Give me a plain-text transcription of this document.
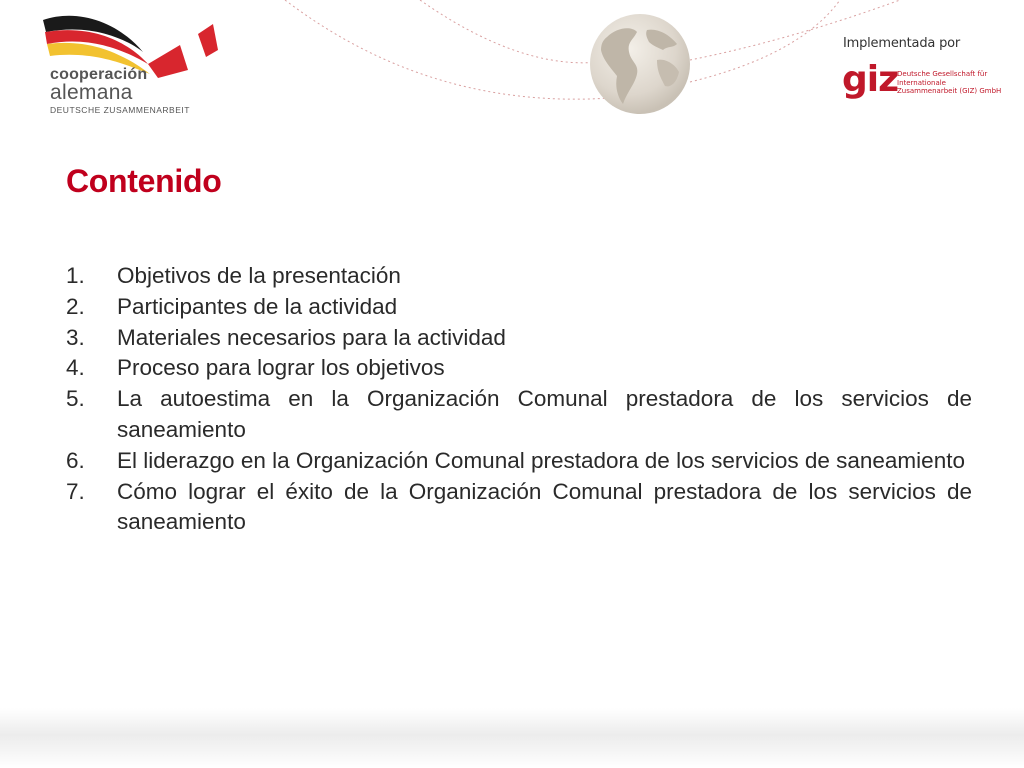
cooperación

alemana

DEUTSCHE ZUSAMMENARBEIT

Implementada por

giz

Deutsche Gesellschaft für Internationale Zusammenarbeit (GIZ) GmbH

Contenido
1. Objetivos de la presentación
2. Participantes de la actividad
3. Materiales necesarios para la actividad
4. Proceso para lograr los objetivos
5. La autoestima en la Organización Comunal prestadora de los servicios de saneamiento
6. El liderazgo en la Organización Comunal prestadora de los servicios de saneamiento
7. Cómo lograr el éxito de la Organización Comunal prestadora de los servicios de saneamiento
